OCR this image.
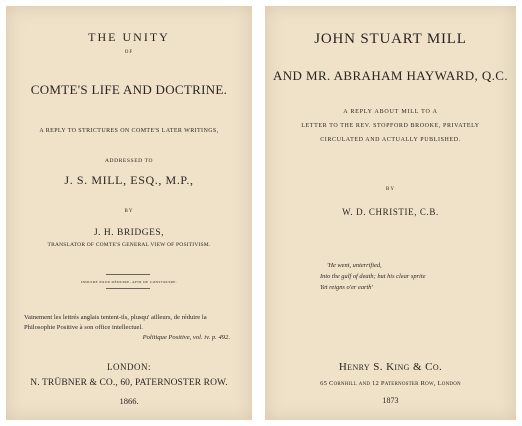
THE UNITY
OF
COMTE'S LIFE AND DOCTRINE.
A REPLY TO STRICTURES ON COMTE'S LATER WRITINGS,
ADDRESSED TO
J. S. MILL, ESQ., M.P.,
BY
J. H. BRIDGES,
TRANSLATOR OF COMTE'S GENERAL VIEW OF POSITIVISM.
INDUIRE POUR DÉDUIRE, AFIN DE CONSTRUIRE.
Vainement les lettrés anglais tentent-ils, plusqu' ailleurs, de réduire la
Philosophie Positive à son office intellectuel.
Politique Positive, vol. iv. p. 492.
LONDON:
N. TRÜBNER & CO., 60, PATERNOSTER ROW.
1866.
JOHN STUART MILL
AND MR. ABRAHAM HAYWARD, Q.C.
A REPLY ABOUT MILL TO A
LETTER TO THE REV. STOPFORD BROOKE, PRIVATELY
CIRCULATED AND ACTUALLY PUBLISHED.
BY
W. D. CHRISTIE, C.B.
'He went, unterrified,
Into the gulf of death; but his clear sprite
Yet reigns o'er earth'
Henry S. King & Co.
65 Cornhill and 12 Paternoster Row, London
1873
